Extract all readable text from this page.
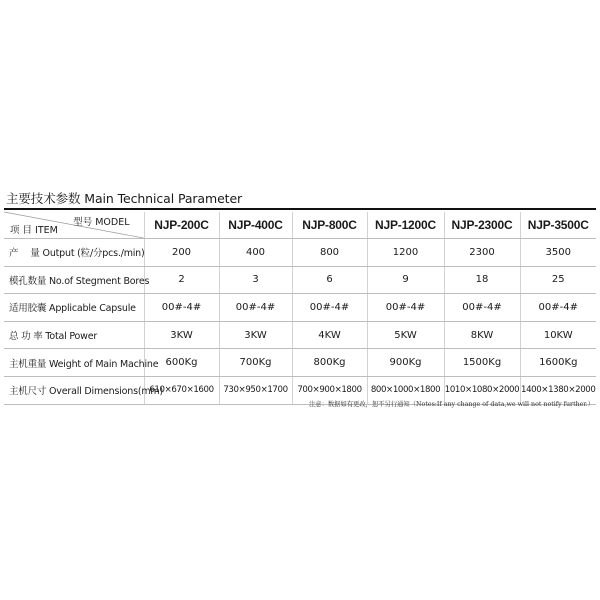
主要技术参数 Main Technical Parameter
型号 MODEL
项 目 ITEM	NJP-200C	NJP-400C	NJP-800C	NJP-1200C	NJP-2300C	NJP-3500C
产　 量 Output (粒/分pcs./min)	200	400	800	1200	2300	3500
模孔数量 No.of Stegment Bores	2	3	6	9	18	25
适用胶囊 Applicable Capsule	00#-4#	00#-4#	00#-4#	00#-4#	00#-4#	00#-4#
总 功 率 Total Power	3KW	3KW	4KW	5KW	8KW	10KW
主机重量 Weight of Main Machine	600Kg	700Kg	800Kg	900Kg	1500Kg	1600Kg
主机尺寸 Overall Dimensions(mm)	610×670×1600	730×950×1700	700×900×1800	800×1000×1800	1010×1080×2000	1400×1380×2000
注意：数据如有更改，恕不另行通知（Notes:If any change of data,we will not notify further.）
